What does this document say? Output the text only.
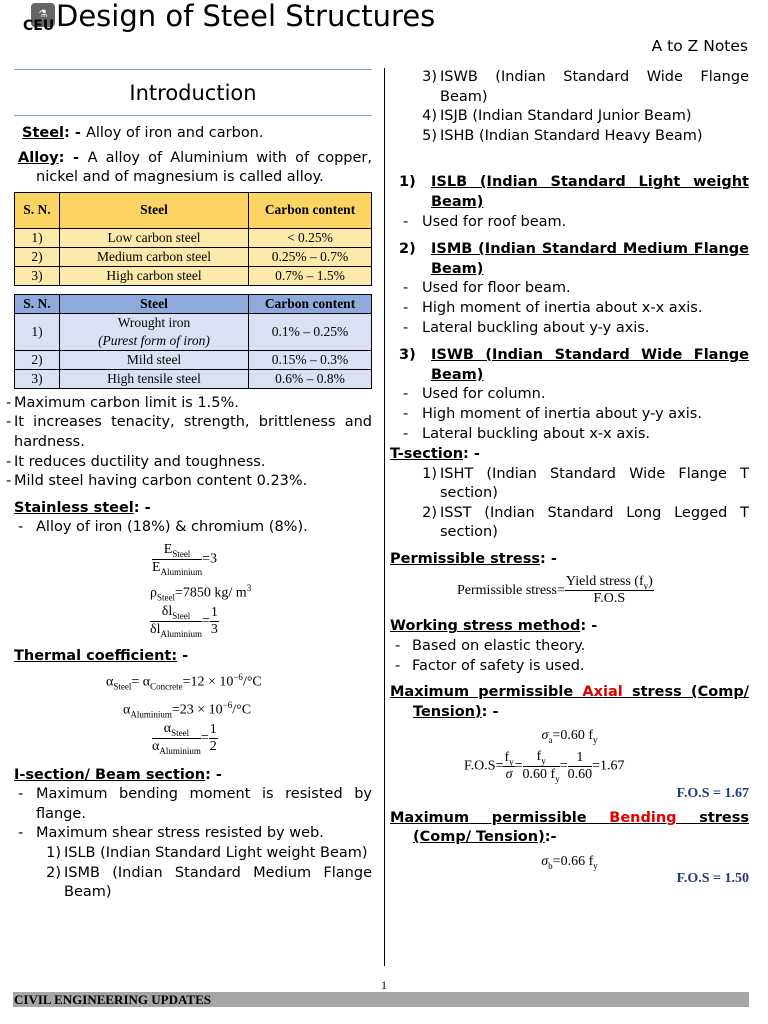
⚗
CEU Design of Steel Structures
A to Z Notes
Introduction

Steel: - Alloy of iron and carbon.

Alloy: - A alloy of Aluminium with of copper, nickel and of magnesium is called alloy.

S. N.	Steel	Carbon content
1)	Low carbon steel	< 0.25%
2)	Medium carbon steel	0.25% – 0.7%
3)	High carbon steel	0.7% – 1.5%
S. N.	Steel	Carbon content
1)	Wrought iron
(Purest form of iron)	0.1% – 0.25%
2)	Mild steel	0.15% – 0.3%
3)	High tensile steel	0.6% – 0.8%
- Maximum carbon limit is 1.5%.
- It increases tenacity, strength, brittleness and hardness.
- It reduces ductility and toughness.
- Mild steel having carbon content 0.23%.

Stainless steel: -

- Alloy of iron (18%) & chromium (8%).
$\frac{E_{Steel}}{E_{Aluminium}} =3$
$\rho_{Steel}=7850$ kg/ $m^3$
$\frac{\delta l_{Steel}}{\delta l_{Aluminium}} = \frac{1}{3}$

Thermal coefficient: -

$\alpha_{Steel}= \alpha_{Concrete}=12 \times 10^{-6}/^\circ C$
$\alpha_{Aluminium}=23 \times 10^{-6}/^\circ C$
$\frac{\alpha_{Steel}}{\alpha_{Aluminium}} = \frac{1}{2}$

I-section/ Beam section: -

- Maximum bending moment is resisted by flange.
- Maximum shear stress resisted by web.
1) ISLB (Indian Standard Light weight Beam)
2) ISMB (Indian Standard Medium Flange Beam)
3) ISWB (Indian Standard Wide Flange Beam)
4) ISJB (Indian Standard Junior Beam)
5) ISHB (Indian Standard Heavy Beam)
1)	ISLB (Indian Standard Light weight Beam)
- Used for roof beam.
2)	ISMB (Indian Standard Medium Flange Beam)
- Used for floor beam.
- High moment of inertia about x-x axis.
- Lateral buckling about y-y axis.
3)	ISWB (Indian Standard Wide Flange Beam)
- Used for column.
- High moment of inertia about y-y axis.
- Lateral buckling about x-x axis.

T-section: -

1) ISHT (Indian Standard Wide Flange T section)
2) ISST (Indian Standard Long Legged T section)

Permissible stress: -

Permissible stress= $\frac{Yield stress (f_y)}{F.O.S}$

Working stress method: -

- Based on elastic theory.
- Factor of safety is used.

Maximum permissible Axial stress (Comp/ Tension): -

$\sigma_a=0.60$ $f_y$
$F.O.S= \frac{f_y}{\sigma} = \frac{f_y}{0.60 f_y} = \frac{1}{0.60} =1.67$
F.O.S = 1.67

Maximum permissible Bending stress (Comp/ Tension):-

$\sigma_b=0.66$ $f_y$
F.O.S = 1.50
1
CIVIL ENGINEERING UPDATES
